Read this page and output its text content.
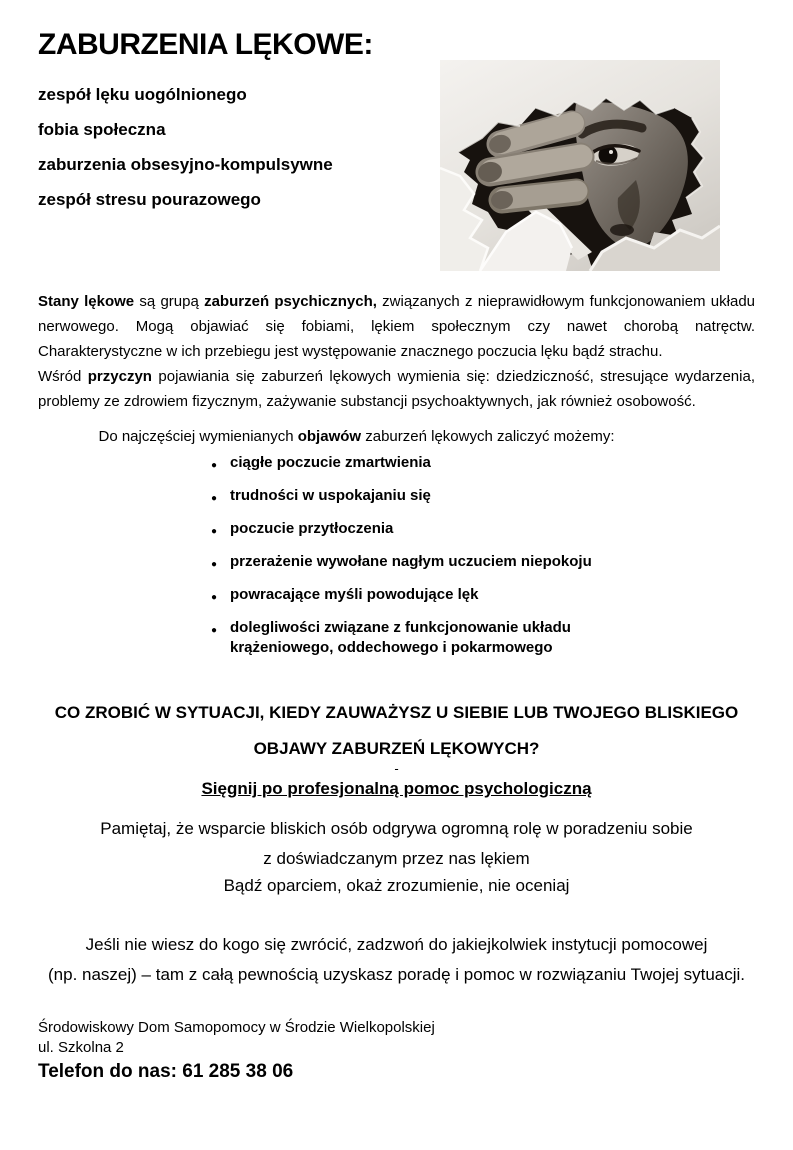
ZABURZENIA LĘKOWE:
zespół lęku uogólnionego
fobia społeczna
zaburzenia obsesyjno-kompulsywne
zespół stresu pourazowego

Stany lękowe są grupą zaburzeń psychicznych, związanych z nieprawidłowym funkcjonowaniem układu nerwowego. Mogą objawiać się fobiami, lękiem społecznym czy nawet chorobą natręctw. Charakterystyczne w ich przebiegu jest występowanie znacznego poczucia lęku bądź strachu.

Wśród przyczyn pojawiania się zaburzeń lękowych wymienia się: dziedziczność, stresujące wydarzenia, problemy ze zdrowiem fizycznym, zażywanie substancji psychoaktywnych, jak również osobowość.

Do najczęściej wymienianych objawów zaburzeń lękowych zaliczyć możemy:

● ciągłe poczucie zmartwienia
● trudności w uspokajaniu się
● poczucie przytłoczenia
● przerażenie wywołane nagłym uczuciem niepokoju
● powracające myśli powodujące lęk
● dolegliwości związane z funkcjonowanie układu krążeniowego, oddechowego i pokarmowego
CO ZROBIĆ W SYTUACJI, KIEDY ZAUWAŻYSZ U SIEBIE LUB TWOJEGO BLISKIEGO
OBJAWY ZABURZEŃ LĘKOWYCH?
-
Sięgnij po profesjonalną pomoc psychologiczną
Pamiętaj, że wsparcie bliskich osób odgrywa ogromną rolę w poradzeniu sobie
z doświadczanym przez nas lękiem
Bądź oparciem, okaż zrozumienie, nie oceniaj
Jeśli nie wiesz do kogo się zwrócić, zadzwoń do jakiejkolwiek instytucji pomocowej
(np. naszej) – tam z całą pewnością uzyskasz poradę i pomoc w rozwiązaniu Twojej sytuacji.
Środowiskowy Dom Samopomocy w Środzie Wielkopolskiej
ul. Szkolna 2
Telefon do nas: 61 285 38 06
